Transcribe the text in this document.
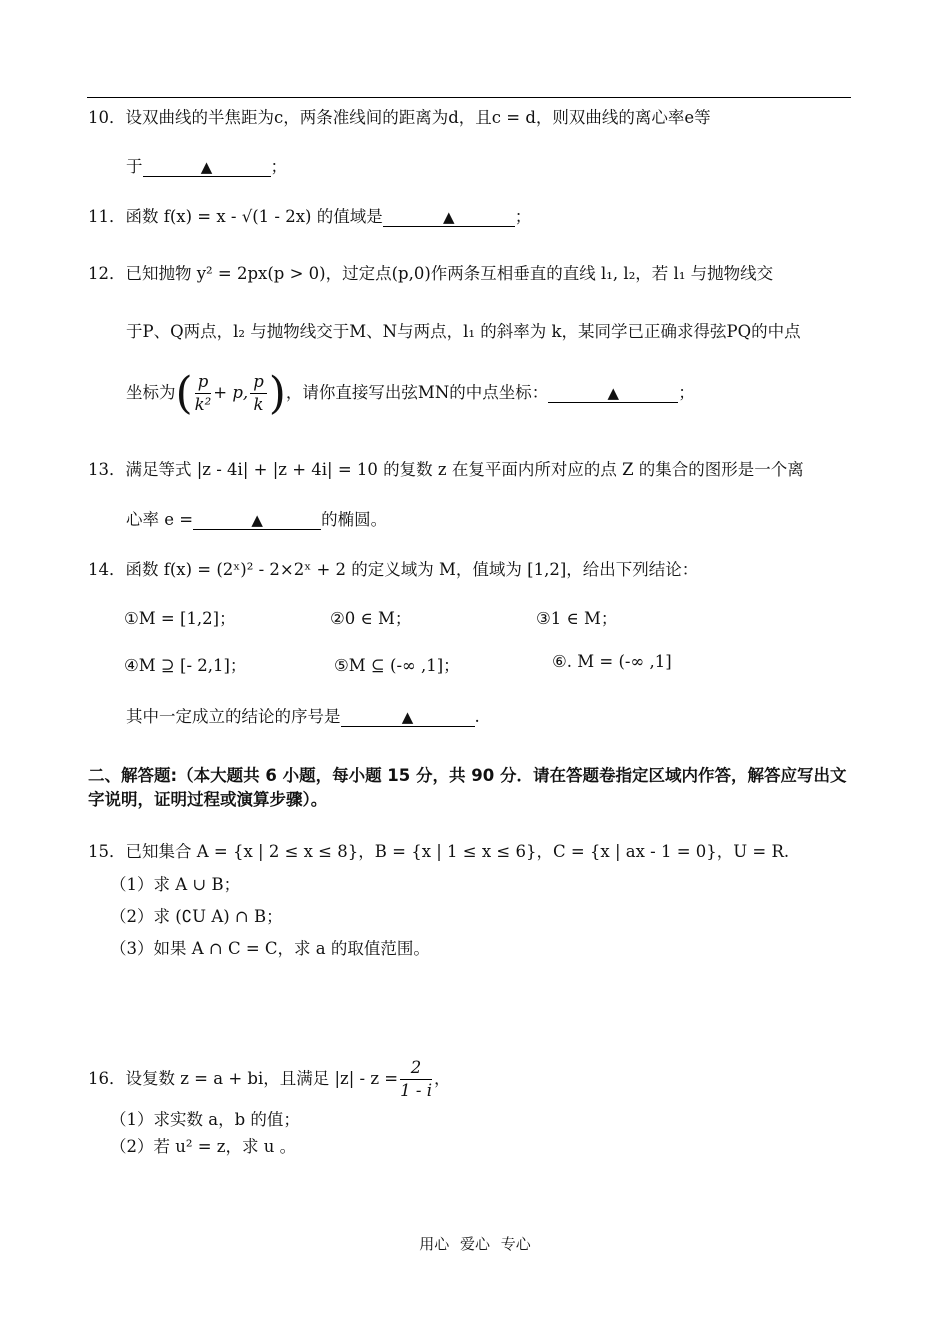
10．设双曲线的半焦距为c，两条准线间的距离为d，且c = d，则双曲线的离心率e等
于	▲	；
11．函数 f(x) = x - √(1 - 2x) 的值域是	▲	；
12．已知抛物 y² = 2px(p > 0)，过定点(p,0)作两条互相垂直的直线 l₁, l₂，若 l₁ 与抛物线交
于P、Q两点，l₂ 与抛物线交于M、N与两点，l₁ 的斜率为 k，某同学已正确求得弦PQ的中点
坐标为( $\frac{p}{\text{k²}} + p$, $\frac{p}{k}$ )，请你直接写出弦MN的中点坐标：	▲	；
13．满足等式 |z - 4i| + |z + 4i| = 10 的复数 z 在复平面内所对应的点 Z 的集合的图形是一个离
心率 e =	▲	的椭圆。
14．函数 f(x) = (2ˣ)² - 2×2ˣ + 2 的定义域为 M，值域为 [1,2]，给出下列结论：
①M = [1,2]；	②0 ∈ M；	③1 ∈ M；
④M ⊇ [- 2,1]；	⑤M ⊆ (-∞ ,1]；	⑥. M = (-∞ ,1]
其中一定成立的结论的序号是	▲	.
二、解答题:（本大题共 6 小题，每小题 15 分，共 90 分．请在答题卷指定区域内作答，解答应写出文字说明，证明过程或演算步骤）。
15．已知集合 A = {x | 2 ≤ x ≤ 8}，B = {x | 1 ≤ x ≤ 6}，C = {x | ax - 1 = 0}，U = R.
（1）求 A ∪ B；
（2）求 (∁U A) ∩ B；
（3）如果 A ∩ C = C，求 a 的取值范围。
16．设复数 z = a + bi，且满足 $|z| - z = \frac{2}{1 - i}$ ，
（1）求实数 a，b 的值；
（2）若 u² = z，求 u 。
用心 爱心 专心
